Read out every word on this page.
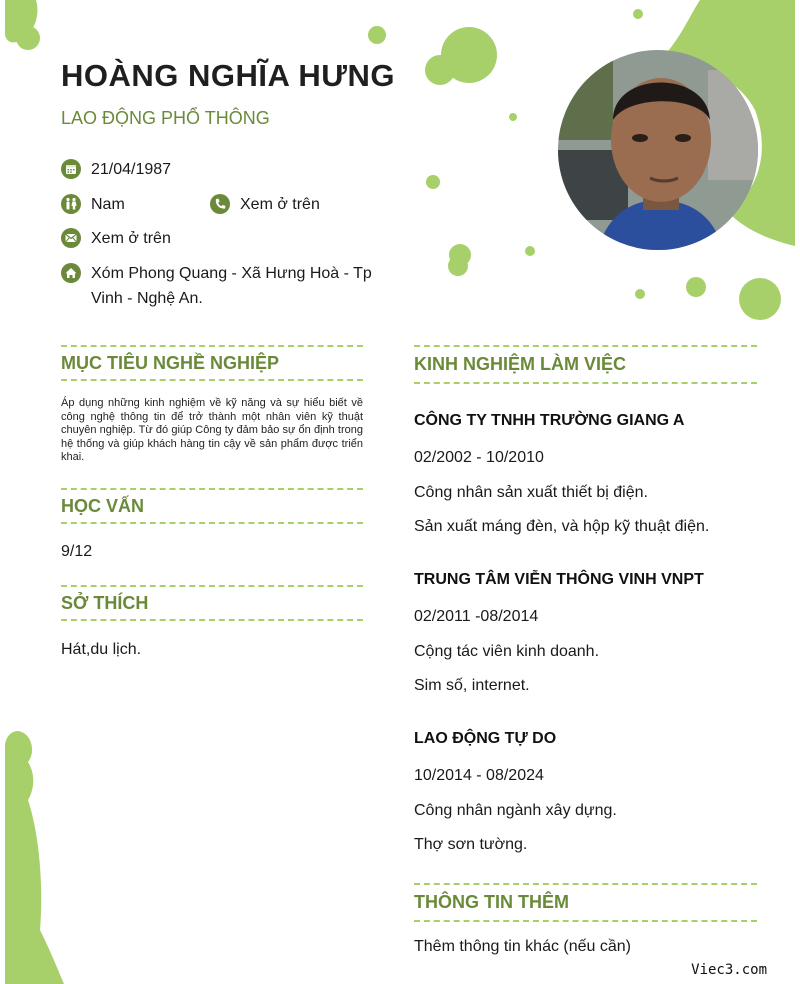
HOÀNG NGHĨA HƯNG
LAO ĐỘNG PHỔ THÔNG
21/04/1987
Nam	Xem ở trên
Xem ở trên
Xóm Phong Quang - Xã Hưng Hoà - Tp Vinh - Nghệ An.
MỤC TIÊU NGHỀ NGHIỆP
Áp dụng những kinh nghiệm về kỹ năng và sự hiểu biết về công nghệ thông tin để trở thành một nhân viên kỹ thuật chuyên nghiệp. Từ đó giúp Công ty đảm bảo sự ổn định trong hệ thống và giúp khách hàng tin cậy về sản phẩm được triển khai.
HỌC VẤN
9/12
SỞ THÍCH
Hát,du lịch.
KINH NGHIỆM LÀM VIỆC
CÔNG TY TNHH TRƯỜNG GIANG A
02/2002 - 10/2010
Công nhân sản xuất thiết bị điện.
Sản xuất máng đèn, và hộp kỹ thuật điện.
TRUNG TÂM VIỄN THÔNG VINH VNPT
02/2011 -08/2014
Cộng tác viên kinh doanh.
Sim số, internet.
LAO ĐỘNG TỰ DO
10/2014 - 08/2024
Công nhân ngành xây dựng.
Thợ sơn tường.
THÔNG TIN THÊM
Thêm thông tin khác (nếu cần)
Viec3.com
